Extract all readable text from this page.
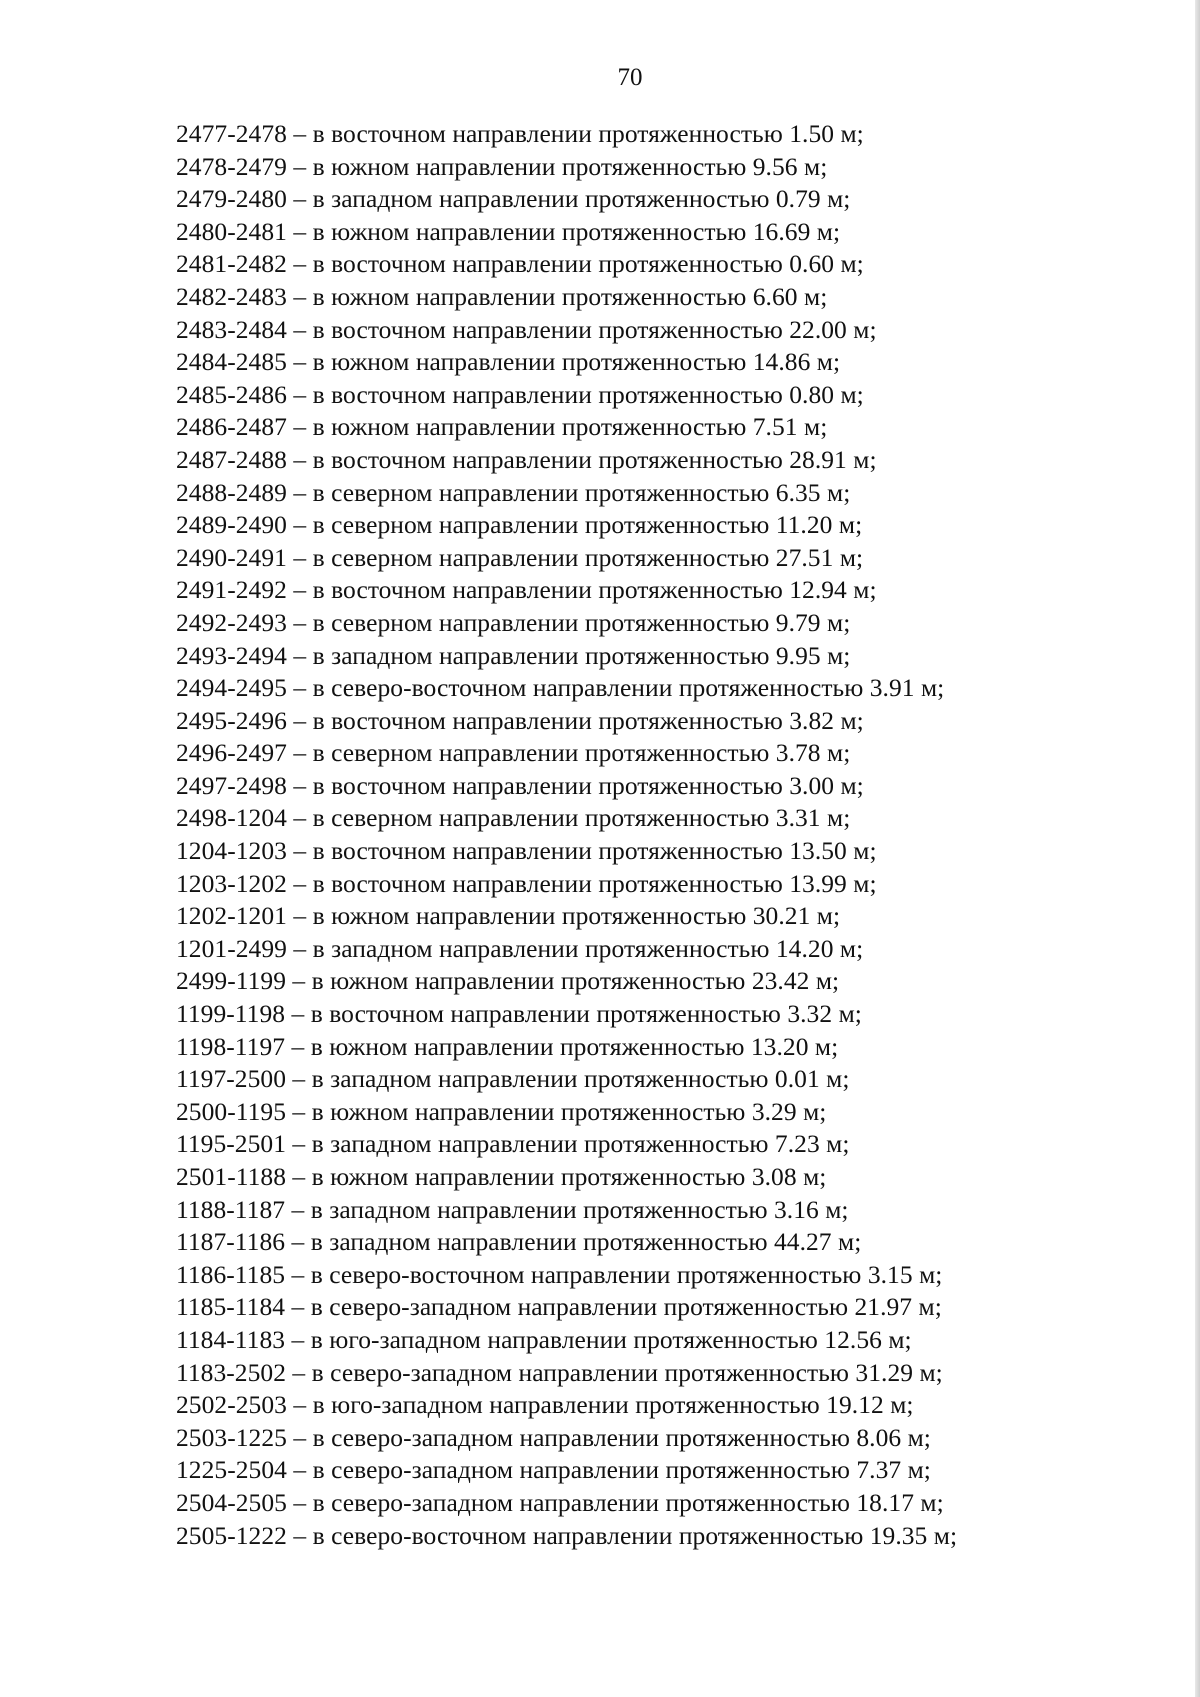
70
2477-2478 – в восточном направлении протяженностью 1.50 м;
2478-2479 – в южном направлении протяженностью 9.56 м;
2479-2480 – в западном направлении протяженностью 0.79 м;
2480-2481 – в южном направлении протяженностью 16.69 м;
2481-2482 – в восточном направлении протяженностью 0.60 м;
2482-2483 – в южном направлении протяженностью 6.60 м;
2483-2484 – в восточном направлении протяженностью 22.00 м;
2484-2485 – в южном направлении протяженностью 14.86 м;
2485-2486 – в восточном направлении протяженностью 0.80 м;
2486-2487 – в южном направлении протяженностью 7.51 м;
2487-2488 – в восточном направлении протяженностью 28.91 м;
2488-2489 – в северном направлении протяженностью 6.35 м;
2489-2490 – в северном направлении протяженностью 11.20 м;
2490-2491 – в северном направлении протяженностью 27.51 м;
2491-2492 – в восточном направлении протяженностью 12.94 м;
2492-2493 – в северном направлении протяженностью 9.79 м;
2493-2494 – в западном направлении протяженностью 9.95 м;
2494-2495 – в северо-восточном направлении протяженностью 3.91 м;
2495-2496 – в восточном направлении протяженностью 3.82 м;
2496-2497 – в северном направлении протяженностью 3.78 м;
2497-2498 – в восточном направлении протяженностью 3.00 м;
2498-1204 – в северном направлении протяженностью 3.31 м;
1204-1203 – в восточном направлении протяженностью 13.50 м;
1203-1202 – в восточном направлении протяженностью 13.99 м;
1202-1201 – в южном направлении протяженностью 30.21 м;
1201-2499 – в западном направлении протяженностью 14.20 м;
2499-1199 – в южном направлении протяженностью 23.42 м;
1199-1198 – в восточном направлении протяженностью 3.32 м;
1198-1197 – в южном направлении протяженностью 13.20 м;
1197-2500 – в западном направлении протяженностью 0.01 м;
2500-1195 – в южном направлении протяженностью 3.29 м;
1195-2501 – в западном направлении протяженностью 7.23 м;
2501-1188 – в южном направлении протяженностью 3.08 м;
1188-1187 – в западном направлении протяженностью 3.16 м;
1187-1186 – в западном направлении протяженностью 44.27 м;
1186-1185 – в северо-восточном направлении протяженностью 3.15 м;
1185-1184 – в северо-западном направлении протяженностью 21.97 м;
1184-1183 – в юго-западном направлении протяженностью 12.56 м;
1183-2502 – в северо-западном направлении протяженностью 31.29 м;
2502-2503 – в юго-западном направлении протяженностью 19.12 м;
2503-1225 – в северо-западном направлении протяженностью 8.06 м;
1225-2504 – в северо-западном направлении протяженностью 7.37 м;
2504-2505 – в северо-западном направлении протяженностью 18.17 м;
2505-1222 – в северо-восточном направлении протяженностью 19.35 м;
